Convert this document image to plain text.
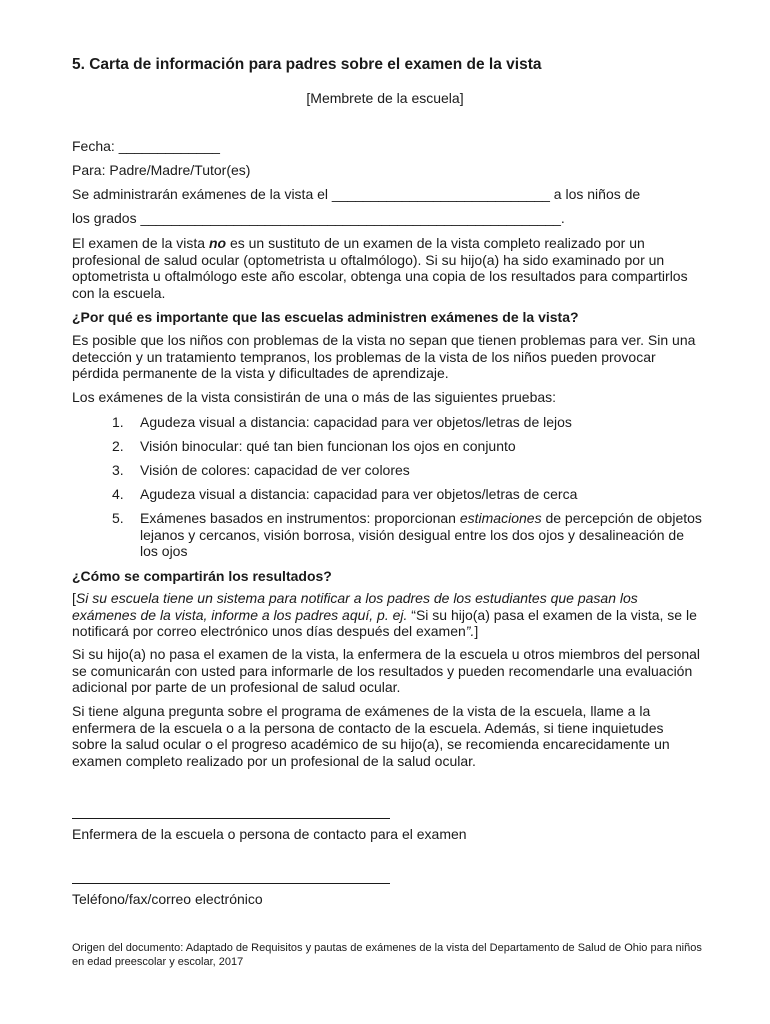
5. Carta de información para padres sobre el examen de la vista

[Membrete de la escuela]

Fecha: _____________

Para: Padre/Madre/Tutor(es)

Se administrarán exámenes de la vista el ____________________________ a los niños de

los grados ______________________________________________________.

El examen de la vista no es un sustituto de un examen de la vista completo realizado por un profesional de salud ocular (optometrista u oftalmólogo). Si su hijo(a) ha sido examinado por un optometrista u oftalmólogo este año escolar, obtenga una copia de los resultados para compartirlos con la escuela.

¿Por qué es importante que las escuelas administren exámenes de la vista?

Es posible que los niños con problemas de la vista no sepan que tienen problemas para ver. Sin una detección y un tratamiento tempranos, los problemas de la vista de los niños pueden provocar pérdida permanente de la vista y dificultades de aprendizaje.

Los exámenes de la vista consistirán de una o más de las siguientes pruebas:

1. Agudeza visual a distancia: capacidad para ver objetos/letras de lejos
2. Visión binocular: qué tan bien funcionan los ojos en conjunto
3. Visión de colores: capacidad de ver colores
4. Agudeza visual a distancia: capacidad para ver objetos/letras de cerca
5. Exámenes basados en instrumentos: proporcionan estimaciones de percepción de objetos lejanos y cercanos, visión borrosa, visión desigual entre los dos ojos y desalineación de los ojos

¿Cómo se compartirán los resultados?

[Si su escuela tiene un sistema para notificar a los padres de los estudiantes que pasan los exámenes de la vista, informe a los padres aquí, p. ej. “Si su hijo(a) pasa el examen de la vista, se le notificará por correo electrónico unos días después del examen”.]

Si su hijo(a) no pasa el examen de la vista, la enfermera de la escuela u otros miembros del personal se comunicarán con usted para informarle de los resultados y pueden recomendarle una evaluación adicional por parte de un profesional de salud ocular.

Si tiene alguna pregunta sobre el programa de exámenes de la vista de la escuela, llame a la enfermera de la escuela o a la persona de contacto de la escuela. Además, si tiene inquietudes sobre la salud ocular o el progreso académico de su hijo(a), se recomienda encarecidamente un examen completo realizado por un profesional de la salud ocular.

Enfermera de la escuela o persona de contacto para el examen

Teléfono/fax/correo electrónico

Origen del documento: Adaptado de Requisitos y pautas de exámenes de la vista del Departamento de Salud de Ohio para niños en edad preescolar y escolar, 2017
